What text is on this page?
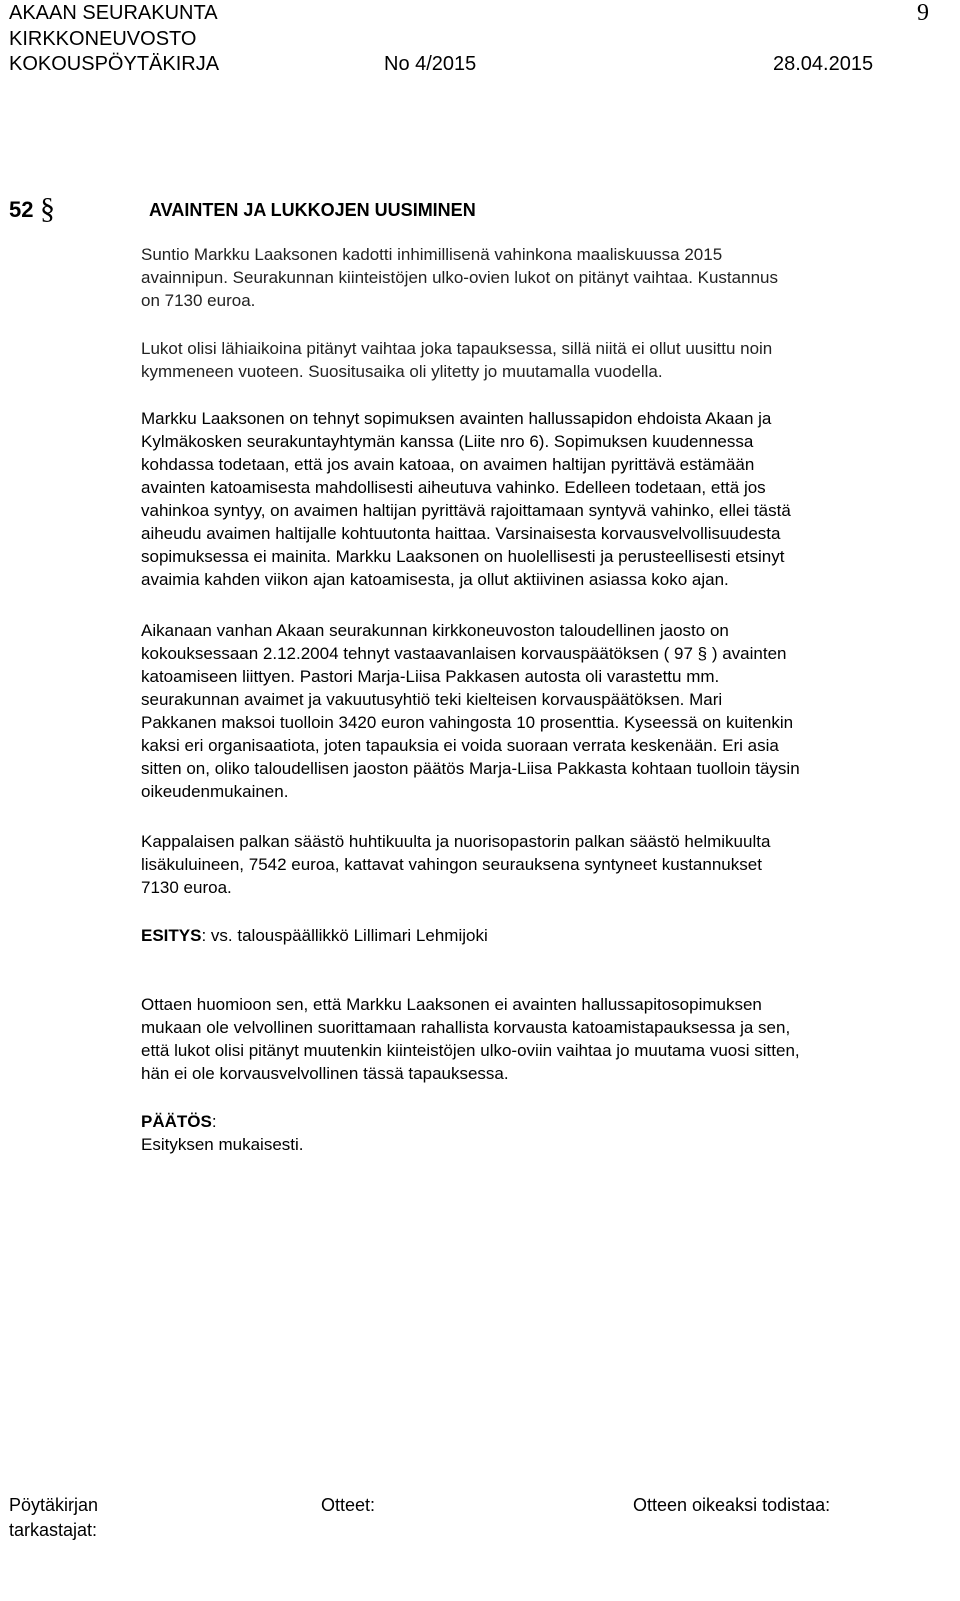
AKAAN SEURAKUNTA
KIRKKONEUVOSTO
KOKOUSPÖYTÄKIRJA	No 4/2015	28.04.2015
9
52 §	AVAINTEN JA LUKKOJEN UUSIMINEN
Suntio Markku Laaksonen kadotti inhimillisenä vahinkona maaliskuussa 2015
avainnipun. Seurakunnan kiinteistöjen ulko-ovien lukot on pitänyt vaihtaa. Kustannus
on 7130 euroa.
Lukot olisi lähiaikoina pitänyt vaihtaa joka tapauksessa, sillä niitä ei ollut uusittu noin
kymmeneen vuoteen. Suositusaika oli ylitetty jo muutamalla vuodella.
Markku Laaksonen on tehnyt sopimuksen avainten hallussapidon ehdoista Akaan ja
Kylmäkosken seurakuntayhtymän kanssa (Liite nro 6). Sopimuksen kuudennessa
kohdassa todetaan, että jos avain katoaa, on avaimen haltijan pyrittävä estämään
avainten katoamisesta mahdollisesti aiheutuva vahinko. Edelleen todetaan, että jos
vahinkoa syntyy, on avaimen haltijan pyrittävä rajoittamaan syntyvä vahinko, ellei tästä
aiheudu avaimen haltijalle kohtuutonta haittaa. Varsinaisesta korvausvelvollisuudesta
sopimuksessa ei mainita. Markku Laaksonen on huolellisesti ja perusteellisesti etsinyt
avaimia kahden viikon ajan katoamisesta, ja ollut aktiivinen asiassa koko ajan.
Aikanaan vanhan Akaan seurakunnan kirkkoneuvoston taloudellinen jaosto on
kokouksessaan 2.12.2004 tehnyt vastaavanlaisen korvauspäätöksen ( 97 § ) avainten
katoamiseen liittyen. Pastori Marja-Liisa Pakkasen autosta oli varastettu mm.
seurakunnan avaimet ja vakuutusyhtiö teki kielteisen korvauspäätöksen. Mari
Pakkanen maksoi tuolloin 3420 euron vahingosta 10 prosenttia. Kyseessä on kuitenkin
kaksi eri organisaatiota, joten tapauksia ei voida suoraan verrata keskenään. Eri asia
sitten on, oliko taloudellisen jaoston päätös Marja-Liisa Pakkasta kohtaan tuolloin täysin
oikeudenmukainen.
Kappalaisen palkan säästö huhtikuulta ja nuorisopastorin palkan säästö helmikuulta
lisäkuluineen, 7542 euroa, kattavat vahingon seurauksena syntyneet kustannukset
7130 euroa.
ESITYS: vs. talouspäällikkö Lillimari Lehmijoki
Ottaen huomioon sen, että Markku Laaksonen ei avainten hallussapitosopimuksen
mukaan ole velvollinen suorittamaan rahallista korvausta katoamistapauksessa ja sen,
että lukot olisi pitänyt muutenkin kiinteistöjen ulko-oviin vaihtaa jo muutama vuosi sitten,
hän ei ole korvausvelvollinen tässä tapauksessa.
PÄÄTÖS:
Esityksen mukaisesti.
Pöytäkirjan
tarkastajat:
Otteet:	Otteen oikeaksi todistaa:
